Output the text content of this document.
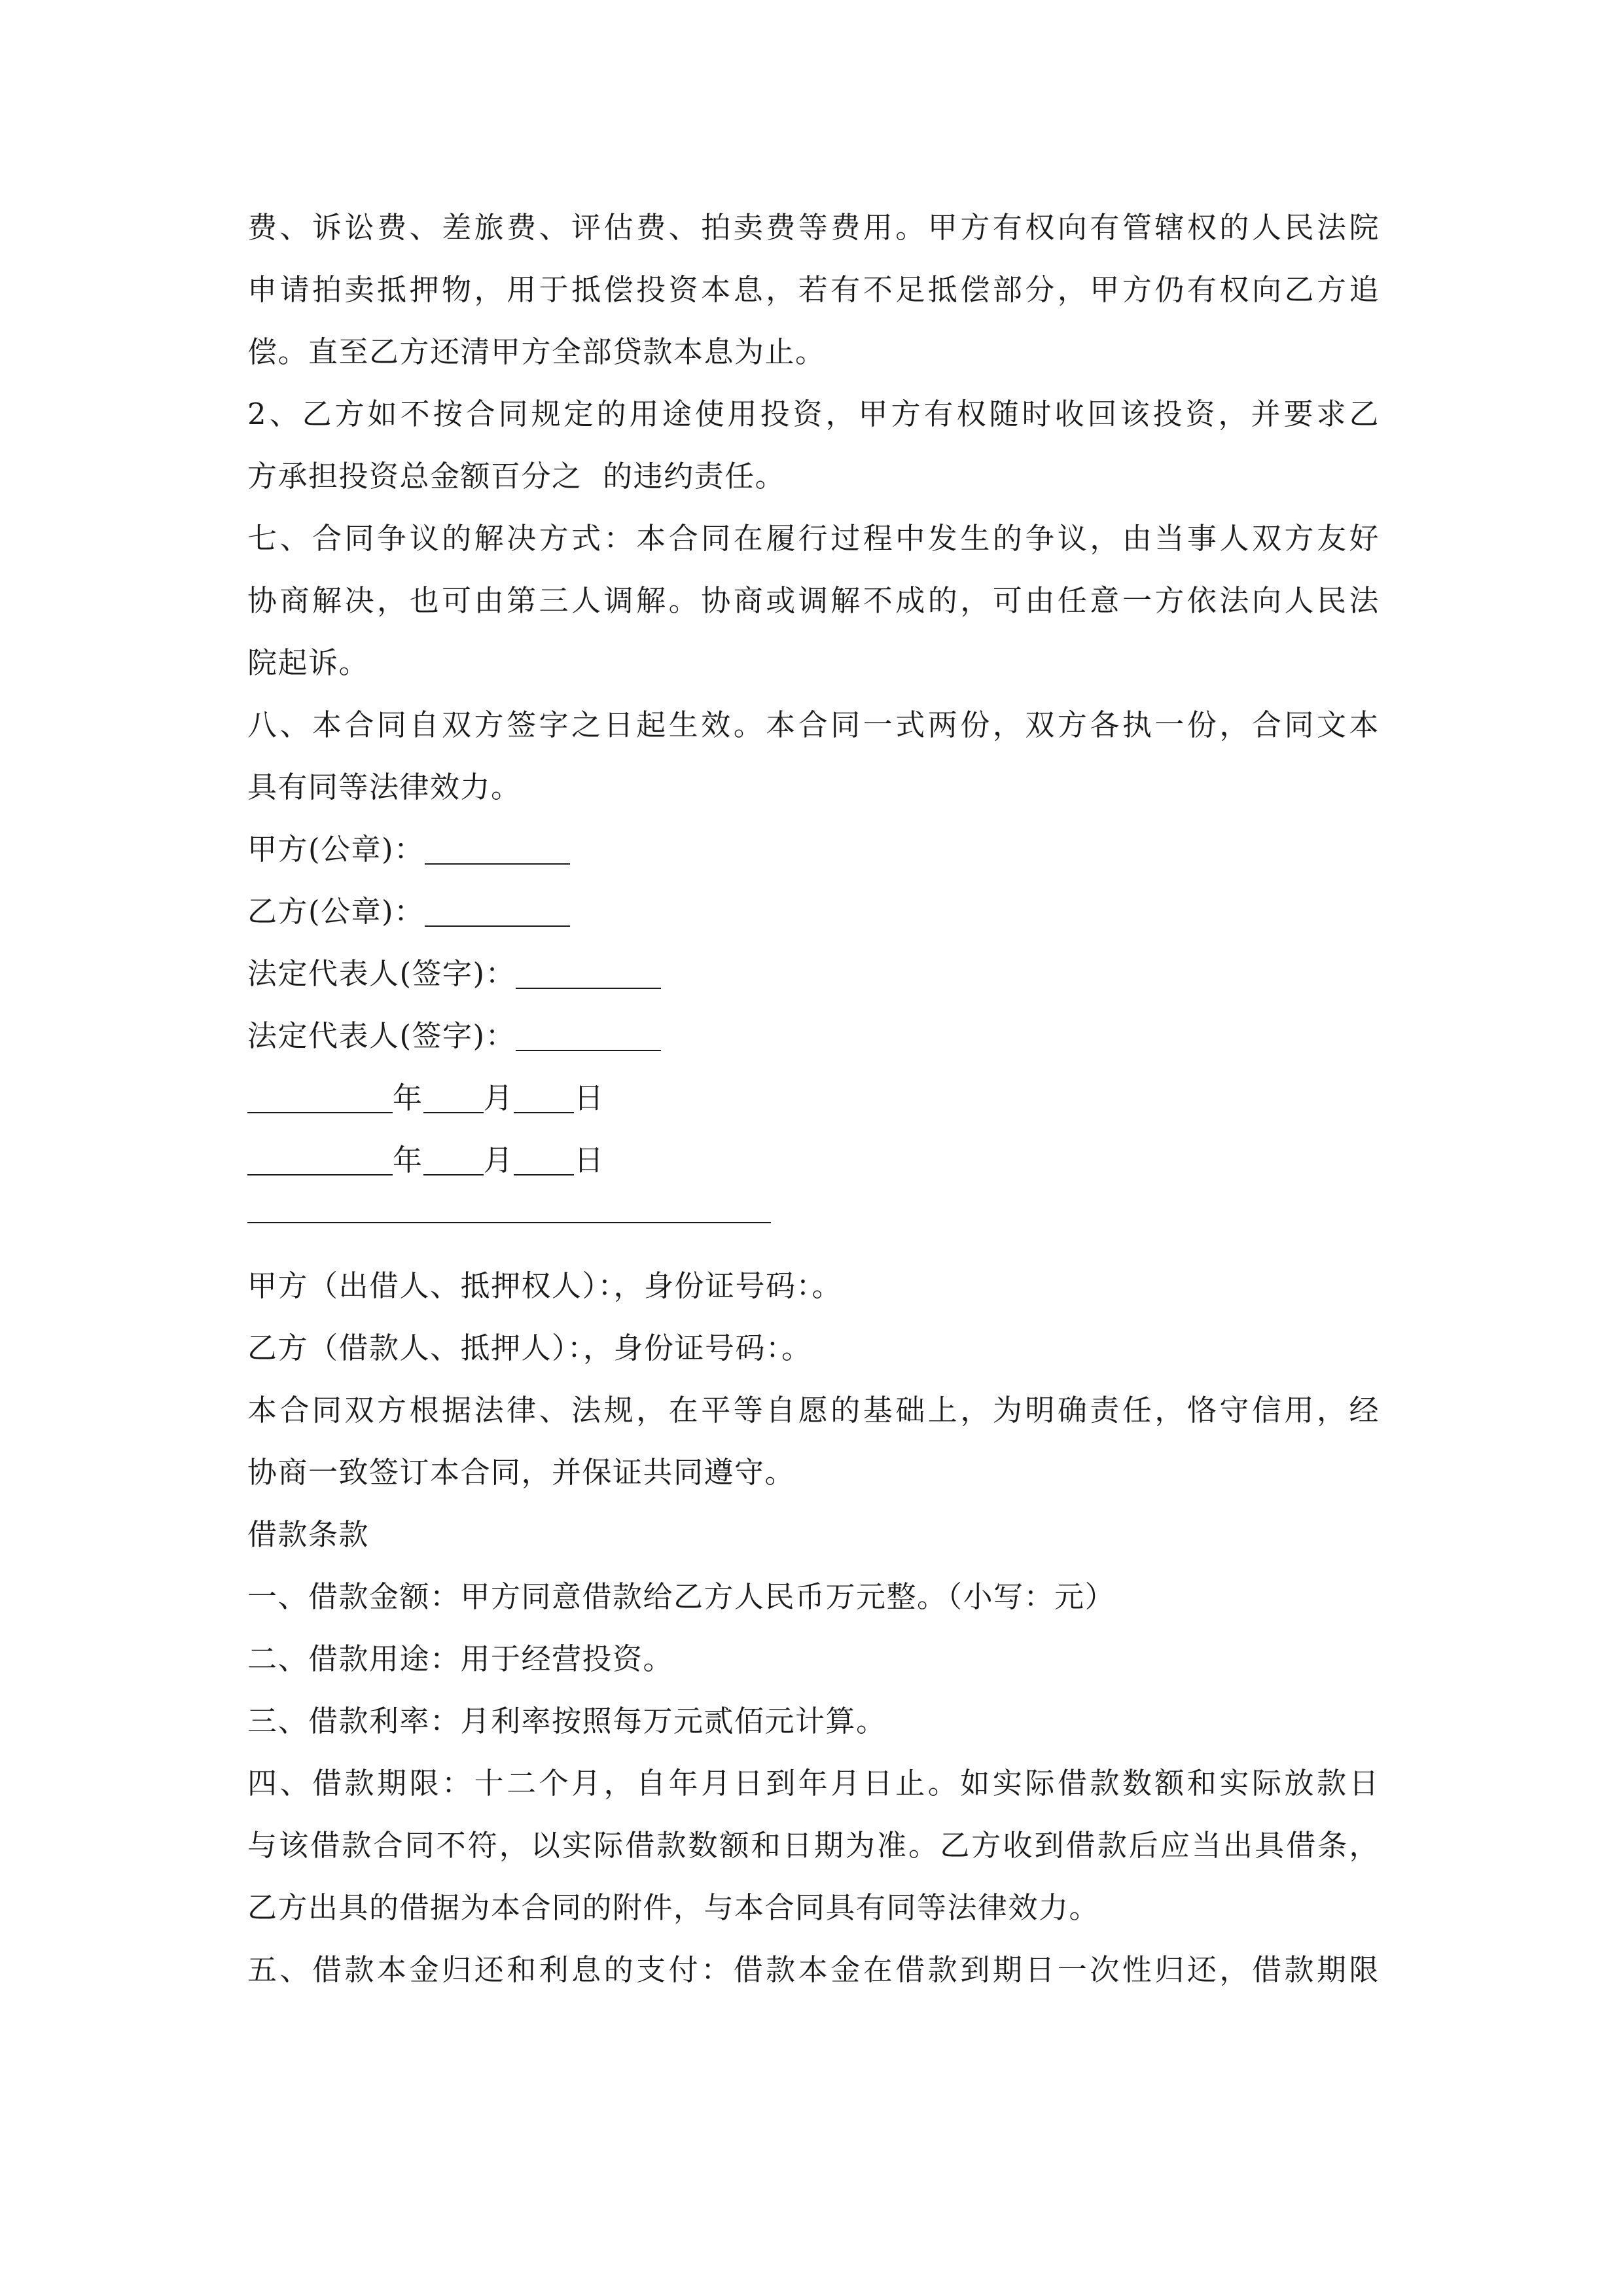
费、诉讼费、差旅费、评估费、拍卖费等费用。甲方有权向有管辖权的人民法院
申请拍卖抵押物，用于抵偿投资本息，若有不足抵偿部分，甲方仍有权向乙方追
偿。直至乙方还清甲方全部贷款本息为止。
2、乙方如不按合同规定的用途使用投资，甲方有权随时收回该投资，并要求乙
方承担投资总金额百分之  的违约责任。
七、合同争议的解决方式：本合同在履行过程中发生的争议，由当事人双方友好
协商解决，也可由第三人调解。协商或调解不成的，可由任意一方依法向人民法
院起诉。
八、本合同自双方签字之日起生效。本合同一式两份，双方各执一份，合同文本
具有同等法律效力。
甲方(公章)：
乙方(公章)：
法定代表人(签字)：
法定代表人(签字)：
年 月 日
年 月 日
甲方（出借人、抵押权人）：，身份证号码：。
乙方（借款人、抵押人）：，身份证号码：。
本合同双方根据法律、法规，在平等自愿的基础上，为明确责任，恪守信用，经
协商一致签订本合同，并保证共同遵守。
借款条款
一、借款金额：甲方同意借款给乙方人民币万元整。（小写：元）
二、借款用途：用于经营投资。
三、借款利率：月利率按照每万元贰佰元计算。
四、借款期限：十二个月，自年月日到年月日止。如实际借款数额和实际放款日
与该借款合同不符，以实际借款数额和日期为准。乙方收到借款后应当出具借条，
乙方出具的借据为本合同的附件，与本合同具有同等法律效力。
五、借款本金归还和利息的支付：借款本金在借款到期日一次性归还，借款期限
